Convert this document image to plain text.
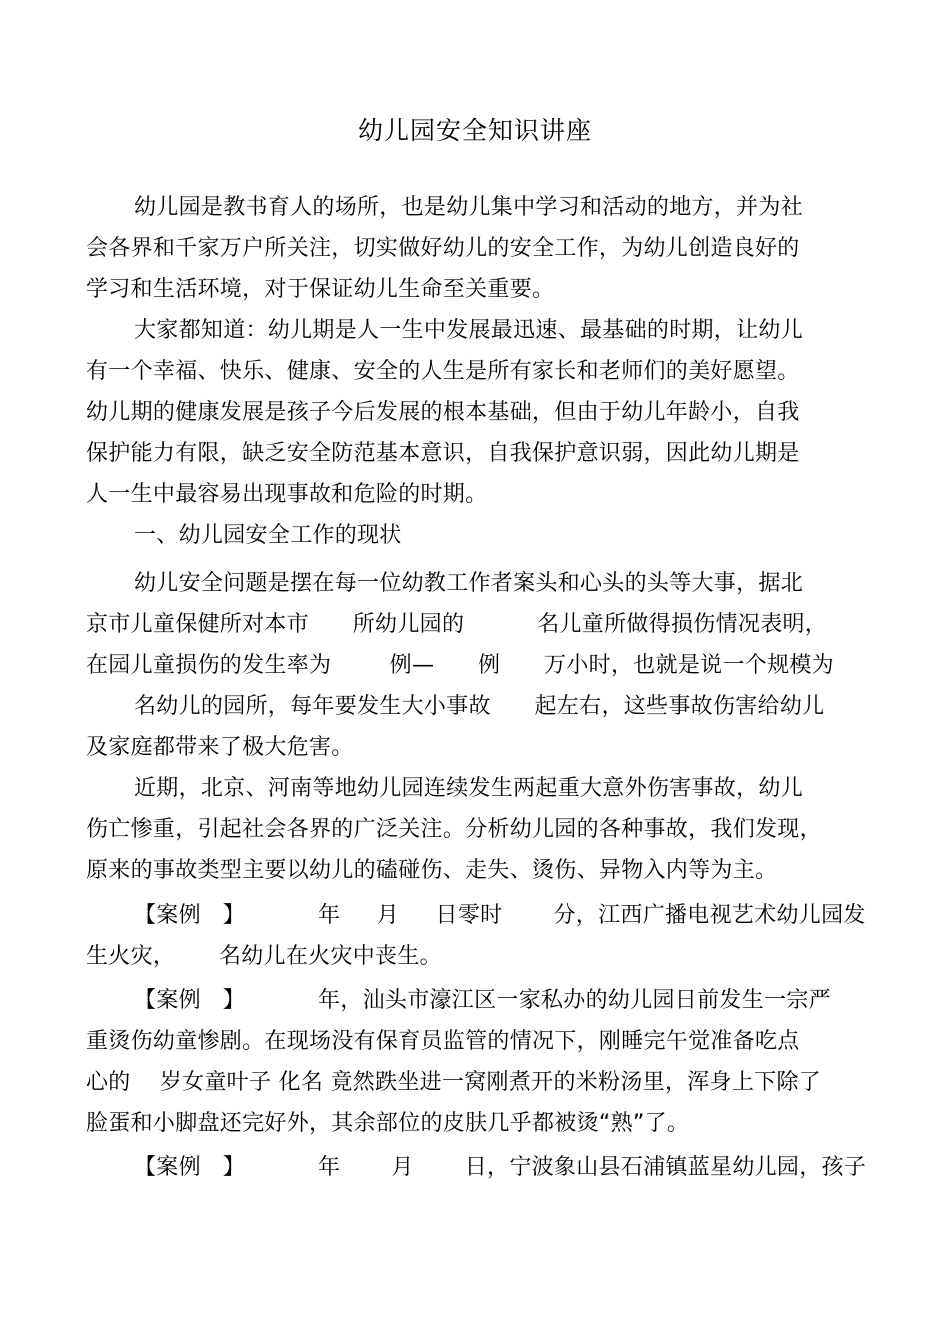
幼儿园安全知识讲座
幼儿园是教书育人的场所，也是幼儿集中学习和活动的地方，并为社
会各界和千家万户所关注，切实做好幼儿的安全工作，为幼儿创造良好的
学习和生活环境，对于保证幼儿生命至关重要。
大家都知道：幼儿期是人一生中发展最迅速、最基础的时期，让幼儿
有一个幸福、快乐、健康、安全的人生是所有家长和老师们的美好愿望。
幼儿期的健康发展是孩子今后发展的根本基础，但由于幼儿年龄小，自我
保护能力有限，缺乏安全防范基本意识，自我保护意识弱，因此幼儿期是
人一生中最容易出现事故和危险的时期。
一、幼儿园安全工作的现状
幼儿安全问题是摆在每一位幼教工作者案头和心头的头等大事，据北
京市儿童保健所对本市      所幼儿园的          名儿童所做得损伤情况表明，
在园儿童损伤的发生率为        例—      例      万小时，也就是说一个规模为
名幼儿的园所，每年要发生大小事故      起左右，这些事故伤害给幼儿
及家庭都带来了极大危害。
近期，北京、河南等地幼儿园连续发生两起重大意外伤害事故，幼儿
伤亡惨重，引起社会各界的广泛关注。分析幼儿园的各种事故，我们发现，
原来的事故类型主要以幼儿的磕碰伤、走失、烫伤、异物入内等为主。
【案例   】          年     月     日零时       分，江西广播电视艺术幼儿园发
生火灾，      名幼儿在火灾中丧生。
【案例   】          年，汕头市濠江区一家私办的幼儿园日前发生一宗严
重烫伤幼童惨剧。在现场没有保育员监管的情况下，刚睡完午觉准备吃点
心的    岁女童叶子 化名 竟然跌坐进一窝刚煮开的米粉汤里，浑身上下除了
脸蛋和小脚盘还完好外，其余部位的皮肤几乎都被烫“熟”了。
【案例   】          年       月       日，宁波象山县石浦镇蓝星幼儿园，孩子
